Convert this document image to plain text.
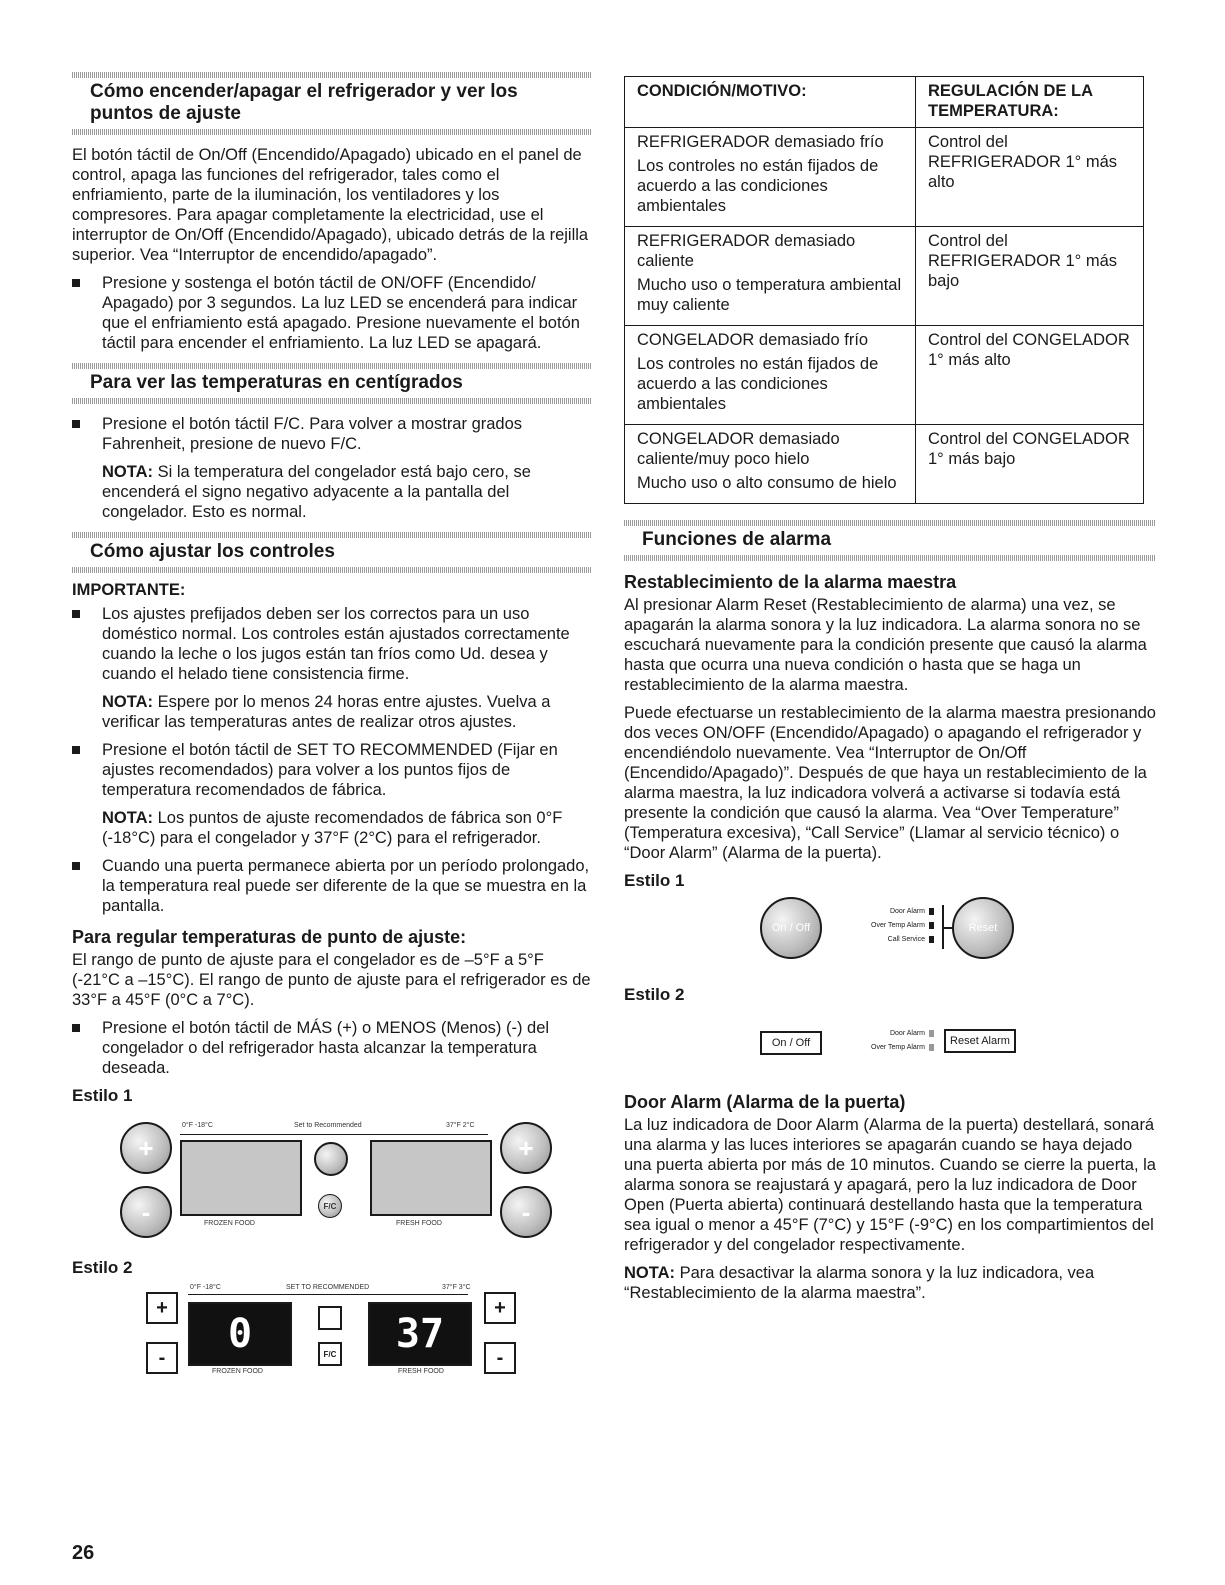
Cómo encender/apagar el refrigerador y ver los puntos de ajuste

El botón táctil de On/Off (Encendido/Apagado) ubicado en el panel de control, apaga las funciones del refrigerador, tales como el enfriamiento, parte de la iluminación, los ventiladores y los compresores. Para apagar completamente la electricidad, use el interruptor de On/Off (Encendido/Apagado), ubicado detrás de la rejilla superior. Vea “Interruptor de encendido/apagado”.

Presione y sostenga el botón táctil de ON/OFF (Encendido/ Apagado) por 3 segundos. La luz LED se encenderá para indicar que el enfriamiento está apagado. Presione nuevamente el botón táctil para encender el enfriamiento. La luz LED se apagará.
Para ver las temperaturas en centígrados
Presione el botón táctil F/C. Para volver a mostrar grados Fahrenheit, presione de nuevo F/C.
NOTA: Si la temperatura del congelador está bajo cero, se encenderá el signo negativo adyacente a la pantalla del congelador. Esto es normal.
Cómo ajustar los controles
IMPORTANTE:
Los ajustes prefijados deben ser los correctos para un uso doméstico normal. Los controles están ajustados correctamente cuando la leche o los jugos están tan fríos como Ud. desea y cuando el helado tiene consistencia firme.
NOTA: Espere por lo menos 24 horas entre ajustes. Vuelva a verificar las temperaturas antes de realizar otros ajustes.
Presione el botón táctil de SET TO RECOMMENDED (Fijar en ajustes recomendados) para volver a los puntos fijos de temperatura recomendados de fábrica.
NOTA: Los puntos de ajuste recomendados de fábrica son 0°F (-18°C) para el congelador y 37°F (2°C) para el refrigerador.
Cuando una puerta permanece abierta por un período prolongado, la temperatura real puede ser diferente de la que se muestra en la pantalla.
Para regular temperaturas de punto de ajuste:

El rango de punto de ajuste para el congelador es de –5°F a 5°F (-21°C a –15°C). El rango de punto de ajuste para el refrigerador es de 33°F a 45°F (0°C a 7°C).

Presione el botón táctil de MÁS (+) o MENOS (Menos) (-) del congelador o del refrigerador hasta alcanzar la temperatura deseada.
Estilo 1
+
-
0°F -18°C	Set to Recommended	37°F 2°C
F/C
FROZEN FOOD	FRESH FOOD
+
-
Estilo 2
+
-
0°F -18°C	SET TO RECOMMENDED	37°F 3°C
0	37
F/C
FROZEN FOOD	FRESH FOOD
+
-
26
CONDICIÓN/MOTIVO:	REGULACIÓN DE LA TEMPERATURA:

REFRIGERADOR demasiado frío

Los controles no están fijados de acuerdo a las condiciones ambientales	Control del REFRIGERADOR 1° más alto

REFRIGERADOR demasiado caliente

Mucho uso o temperatura ambiental muy caliente	Control del REFRIGERADOR 1° más bajo

CONGELADOR demasiado frío

Los controles no están fijados de acuerdo a las condiciones ambientales	Control del CONGELADOR 1° más alto

CONGELADOR demasiado caliente/muy poco hielo

Mucho uso o alto consumo de hielo	Control del CONGELADOR 1° más bajo
Funciones de alarma
Restablecimiento de la alarma maestra

Al presionar Alarm Reset (Restablecimiento de alarma) una vez, se apagarán la alarma sonora y la luz indicadora. La alarma sonora no se escuchará nuevamente para la condición presente que causó la alarma hasta que ocurra una nueva condición o hasta que se haga un restablecimiento de la alarma maestra.

Puede efectuarse un restablecimiento de la alarma maestra presionando dos veces ON/OFF (Encendido/Apagado) o apagando el refrigerador y encendiéndolo nuevamente. Vea “Interruptor de On/Off (Encendido/Apagado)”. Después de que haya un restablecimiento de la alarma maestra, la luz indicadora volverá a activarse si todavía está presente la condición que causó la alarma. Vea “Over Temperature” (Temperatura excesiva), “Call Service” (Llamar al servicio técnico) o “Door Alarm” (Alarma de la puerta).

Estilo 1
On / Off
Door Alarm
Over Temp Alarm
Call Service
Reset
Estilo 2
On / Off
Door Alarm
Over Temp Alarm
Reset Alarm
Door Alarm (Alarma de la puerta)

La luz indicadora de Door Alarm (Alarma de la puerta) destellará, sonará una alarma y las luces interiores se apagarán cuando se haya dejado una puerta abierta por más de 10 minutos. Cuando se cierre la puerta, la alarma sonora se reajustará y apagará, pero la luz indicadora de Door Open (Puerta abierta) continuará destellando hasta que la temperatura sea igual o menor a 45°F (7°C) y 15°F (-9°C) en los compartimientos del refrigerador y del congelador respectivamente.

NOTA: Para desactivar la alarma sonora y la luz indicadora, vea “Restablecimiento de la alarma maestra”.
